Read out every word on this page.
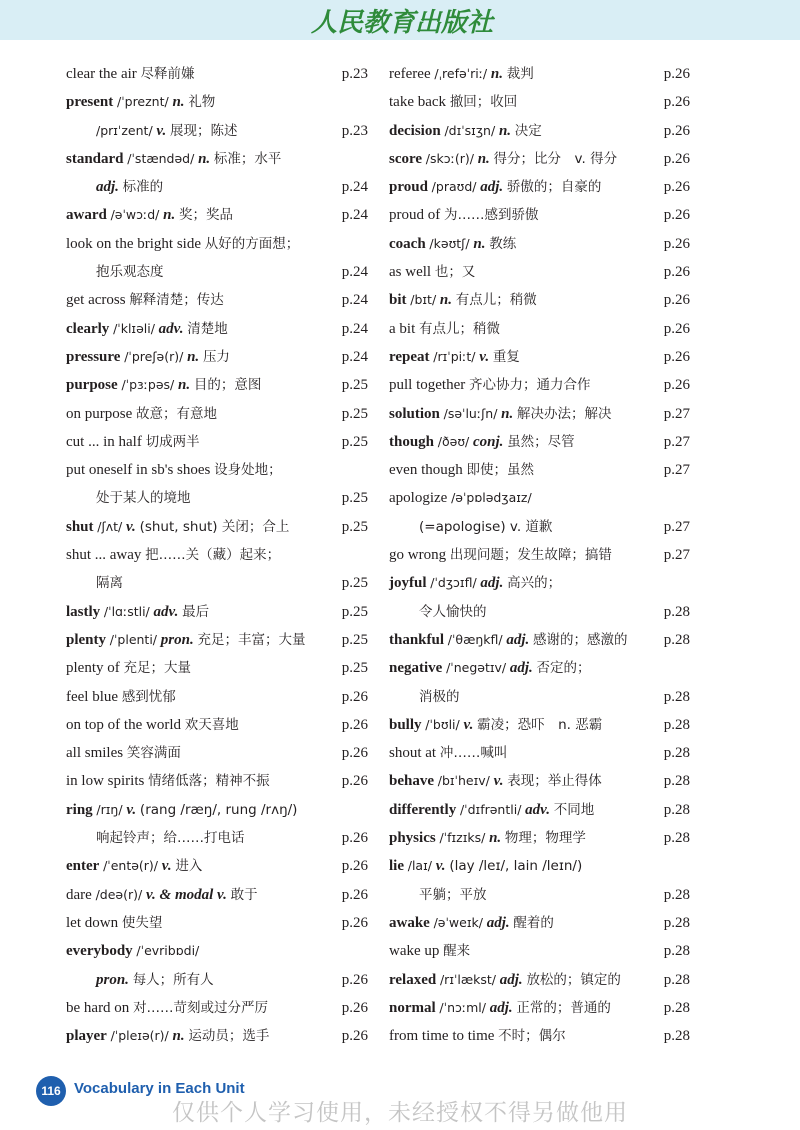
人民教育出版社
clear the air 尽释前嫌	p.23
present /ˈpreznt/ n. 礼物
/prɪˈzent/ v. 展现；陈述	p.23
standard /ˈstændəd/ n. 标准；水平
adj. 标准的	p.24
award /əˈwɔːd/ n. 奖；奖品	p.24
look on the bright side 从好的方面想；
抱乐观态度	p.24
get across 解释清楚；传达	p.24
clearly /ˈklɪəli/ adv. 清楚地	p.24
pressure /ˈpreʃə(r)/ n. 压力	p.24
purpose /ˈpɜːpəs/ n. 目的；意图	p.25
on purpose 故意；有意地	p.25
cut ... in half 切成两半	p.25
put oneself in sb's shoes 设身处地；
处于某人的境地	p.25
shut /ʃʌt/ v. (shut, shut) 关闭；合上	p.25
shut ... away 把……关（藏）起来；
隔离	p.25
lastly /ˈlɑːstli/ adv. 最后	p.25
plenty /ˈplenti/ pron. 充足；丰富；大量 p.25
plenty of 充足；大量	p.25
feel blue 感到忧郁	p.26
on top of the world 欢天喜地	p.26
all smiles 笑容满面	p.26
in low spirits 情绪低落；精神不振	p.26
ring /rɪŋ/ v. (rang /ræŋ/, rung /rʌŋ/)
响起铃声；给……打电话	p.26
enter /ˈentə(r)/ v. 进入	p.26
dare /deə(r)/ v. & modal v. 敢于	p.26
let down 使失望	p.26
everybody /ˈevribɒdi/
pron. 每人；所有人	p.26
be hard on 对……苛刻或过分严厉	p.26
player /ˈpleɪə(r)/ n. 运动员；选手	p.26
referee /ˌrefəˈriː/ n. 裁判	p.26
take back 撤回；收回	p.26
decision /dɪˈsɪʒn/ n. 决定	p.26
score /skɔː(r)/ n. 得分；比分　v. 得分	p.26
proud /praʊd/ adj. 骄傲的；自豪的	p.26
proud of 为……感到骄傲	p.26
coach /kəʊtʃ/ n. 教练	p.26
as well 也；又	p.26
bit /bɪt/ n. 有点儿；稍微	p.26
a bit 有点儿；稍微	p.26
repeat /rɪˈpiːt/ v. 重复	p.26
pull together 齐心协力；通力合作	p.26
solution /səˈluːʃn/ n. 解决办法；解决	p.27
though /ðəʊ/ conj. 虽然；尽管	p.27
even though 即使；虽然	p.27
apologize /əˈpɒlədʒaɪz/
(=apologise) v. 道歉	p.27
go wrong 出现问题；发生故障；搞错	p.27
joyful /ˈdʒɔɪfl/ adj. 高兴的；
令人愉快的	p.28
thankful /ˈθæŋkfl/ adj. 感谢的；感激的 p.28
negative /ˈnegətɪv/ adj. 否定的；
消极的	p.28
bully /ˈbʊli/ v. 霸凌；恐吓　n. 恶霸	p.28
shout at 冲……喊叫	p.28
behave /bɪˈheɪv/ v. 表现；举止得体	p.28
differently /ˈdɪfrəntli/ adv. 不同地	p.28
physics /ˈfɪzɪks/ n. 物理；物理学	p.28
lie /laɪ/ v. (lay /leɪ/, lain /leɪn/)
平躺；平放	p.28
awake /əˈweɪk/ adj. 醒着的	p.28
wake up 醒来	p.28
relaxed /rɪˈlækst/ adj. 放松的；镇定的	p.28
normal /ˈnɔːml/ adj. 正常的；普通的	p.28
from time to time 不时；偶尔	p.28
116 Vocabulary in Each Unit
仅供个人学习使用，未经授权不得另做他用
